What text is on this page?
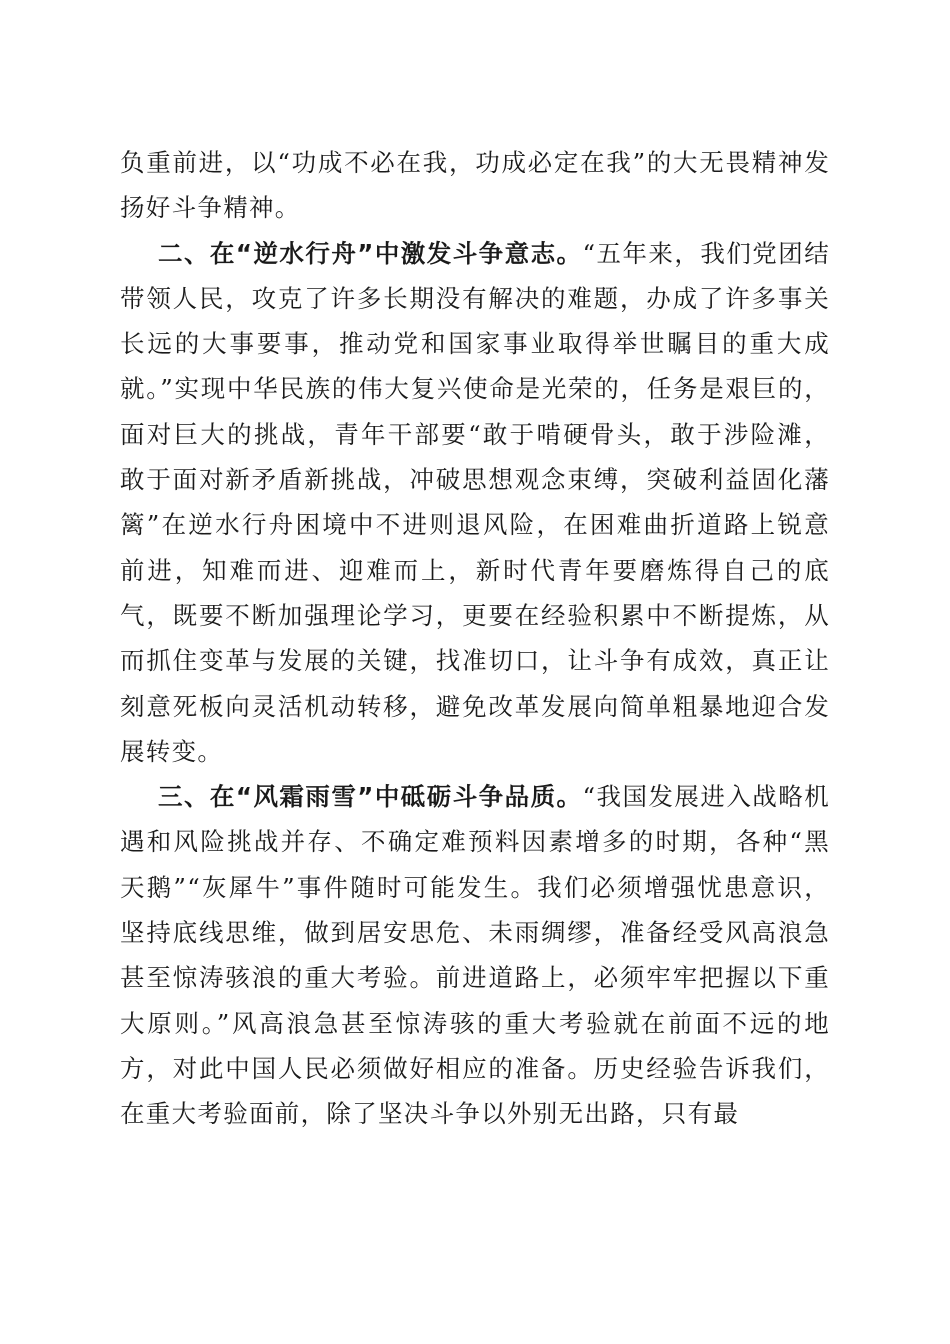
负重前进，以“功成不必在我，功成必定在我”的大无畏精神发扬好斗争精神。

二、在“逆水行舟”中激发斗争意志。“五年来，我们党团结带领人民，攻克了许多长期没有解决的难题，办成了许多事关长远的大事要事，推动党和国家事业取得举世瞩目的重大成就。”实现中华民族的伟大复兴使命是光荣的，任务是艰巨的，面对巨大的挑战，青年干部要“敢于啃硬骨头，敢于涉险滩，敢于面对新矛盾新挑战，冲破思想观念束缚，突破利益固化藩篱”在逆水行舟困境中不进则退风险，在困难曲折道路上锐意前进，知难而进、迎难而上，新时代青年要磨炼得自己的底气，既要不断加强理论学习，更要在经验积累中不断提炼，从而抓住变革与发展的关键，找准切口，让斗争有成效，真正让刻意死板向灵活机动转移，避免改革发展向简单粗暴地迎合发展转变。

三、在“风霜雨雪”中砥砺斗争品质。“我国发展进入战略机遇和风险挑战并存、不确定难预料因素增多的时期，各种“黑天鹅”“灰犀牛”事件随时可能发生。我们必须增强忧患意识，坚持底线思维，做到居安思危、未雨绸缪，准备经受风高浪急甚至惊涛骇浪的重大考验。前进道路上，必须牢牢把握以下重大原则。”风高浪急甚至惊涛骇的重大考验就在前面不远的地方，对此中国人民必须做好相应的准备。历史经验告诉我们，在重大考验面前，除了坚决斗争以外别无出路，只有最
